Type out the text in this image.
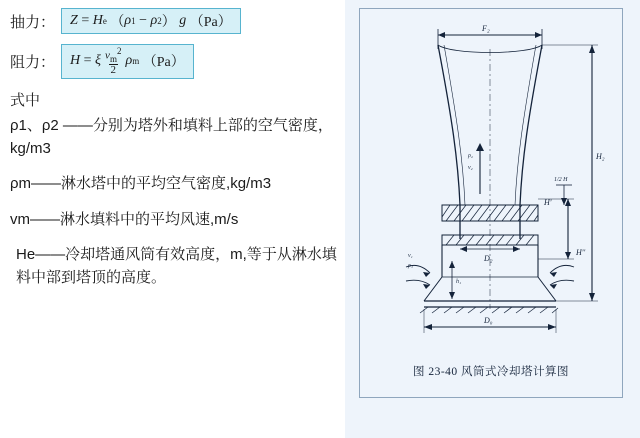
抽力： Z = H e （ ρ 1 − ρ 2 ） g （Pa）
阻力： H = ξ $\frac{v_m^2}{2}$ ρ m （Pa）
式中

ρ1、ρ2 ——分别为塔外和填料上部的空气密度，kg/m3

ρm——淋水塔中的平均空气密度,kg/m3

vm——淋水填料中的平均风速,m/s

He——冷却塔通风筒有效高度，m,等于从淋水填料中部到塔顶的高度。

F₂
H₂
ρ₂
v₂
H'
1/2 H
H''
D₂
v₁
ρ₁
h₁
D₀
图 23-40 风筒式冷却塔计算图
